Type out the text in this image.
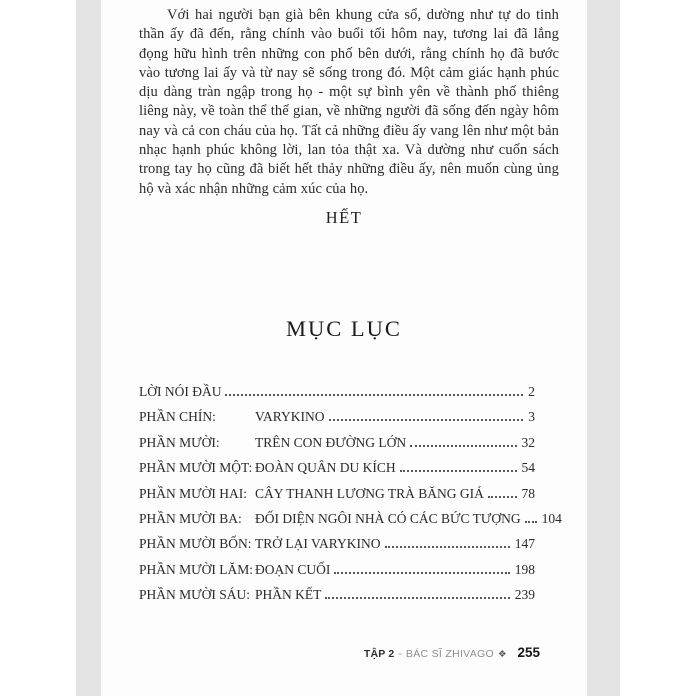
Với hai người bạn già bên khung cửa sổ, dường như tự do tinh thần ấy đã đến, rằng chính vào buổi tối hôm nay, tương lai đã lắng đọng hữu hình trên những con phố bên dưới, rằng chính họ đã bước vào tương lai ấy và từ nay sẽ sống trong đó. Một cảm giác hạnh phúc dịu dàng tràn ngập trong họ - một sự bình yên về thành phố thiêng liêng này, về toàn thể thế gian, về những người đã sống đến ngày hôm nay và cả con cháu của họ. Tất cả những điều ấy vang lên như một bản nhạc hạnh phúc không lời, lan tỏa thật xa. Và dường như cuốn sách trong tay họ cũng đã biết hết thảy những điều ấy, nên muốn cùng ủng hộ và xác nhận những cảm xúc của họ.

HẾT
MỤC LỤC
LỜI NÓI ĐẦU	2
PHẦN CHÍN:	VARYKINO	3
PHẦN MƯỜI:	TRÊN CON ĐƯỜNG LỚN	32
PHẦN MƯỜI MỘT: ĐOÀN QUÂN DU KÍCH	54
PHẦN MƯỜI HAI: CÂY THANH LƯƠNG TRÀ BĂNG GIÁ	78
PHẦN MƯỜI BA: ĐỐI DIỆN NGÔI NHÀ CÓ CÁC BỨC TƯỢNG 104
PHẦN MƯỜI BỐN: TRỞ LẠI VARYKINO	147
PHẦN MƯỜI LĂM: ĐOẠN CUỐI	198
PHẦN MƯỜI SÁU: PHẦN KẾT	239
TẬP 2 - BÁC SĨ ZHIVAGO ❖ 255
